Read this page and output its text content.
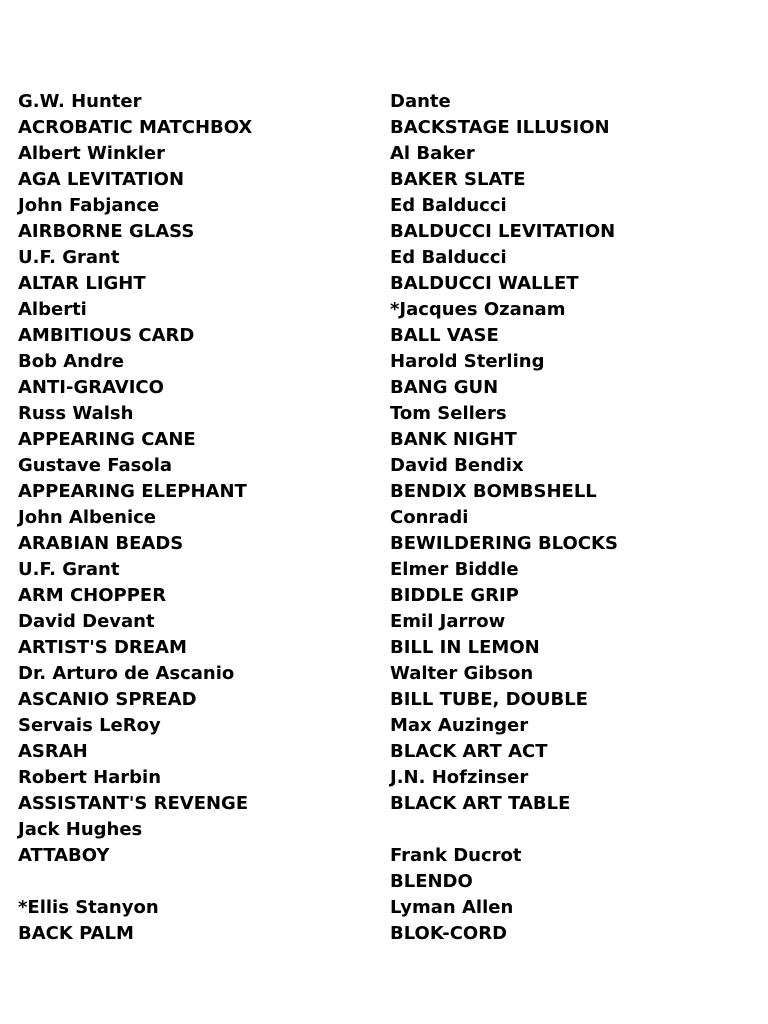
G.W. Hunter
ACROBATIC MATCHBOX
Albert Winkler
AGA LEVITATION
John Fabjance
AIRBORNE GLASS
U.F. Grant
ALTAR LIGHT
Alberti
AMBITIOUS CARD
Bob Andre
ANTI-GRAVICO
Russ Walsh
APPEARING CANE
Gustave Fasola
APPEARING ELEPHANT
John Albenice
ARABIAN BEADS
U.F. Grant
ARM CHOPPER
David Devant
ARTIST'S DREAM
Dr. Arturo de Ascanio
ASCANIO SPREAD
Servais LeRoy
ASRAH
Robert Harbin
ASSISTANT'S REVENGE
Jack Hughes
ATTABOY
*Ellis Stanyon
BACK PALM
Dante
BACKSTAGE ILLUSION
Al Baker
BAKER SLATE
Ed Balducci
BALDUCCI LEVITATION
Ed Balducci
BALDUCCI WALLET
*Jacques Ozanam
BALL VASE
Harold Sterling
BANG GUN
Tom Sellers
BANK NIGHT
David Bendix
BENDIX BOMBSHELL
Conradi
BEWILDERING BLOCKS
Elmer Biddle
BIDDLE GRIP
Emil Jarrow
BILL IN LEMON
Walter Gibson
BILL TUBE, DOUBLE
Max Auzinger
BLACK ART ACT
J.N. Hofzinser
BLACK ART TABLE
Frank Ducrot
BLENDO
Lyman Allen
BLOK-CORD
